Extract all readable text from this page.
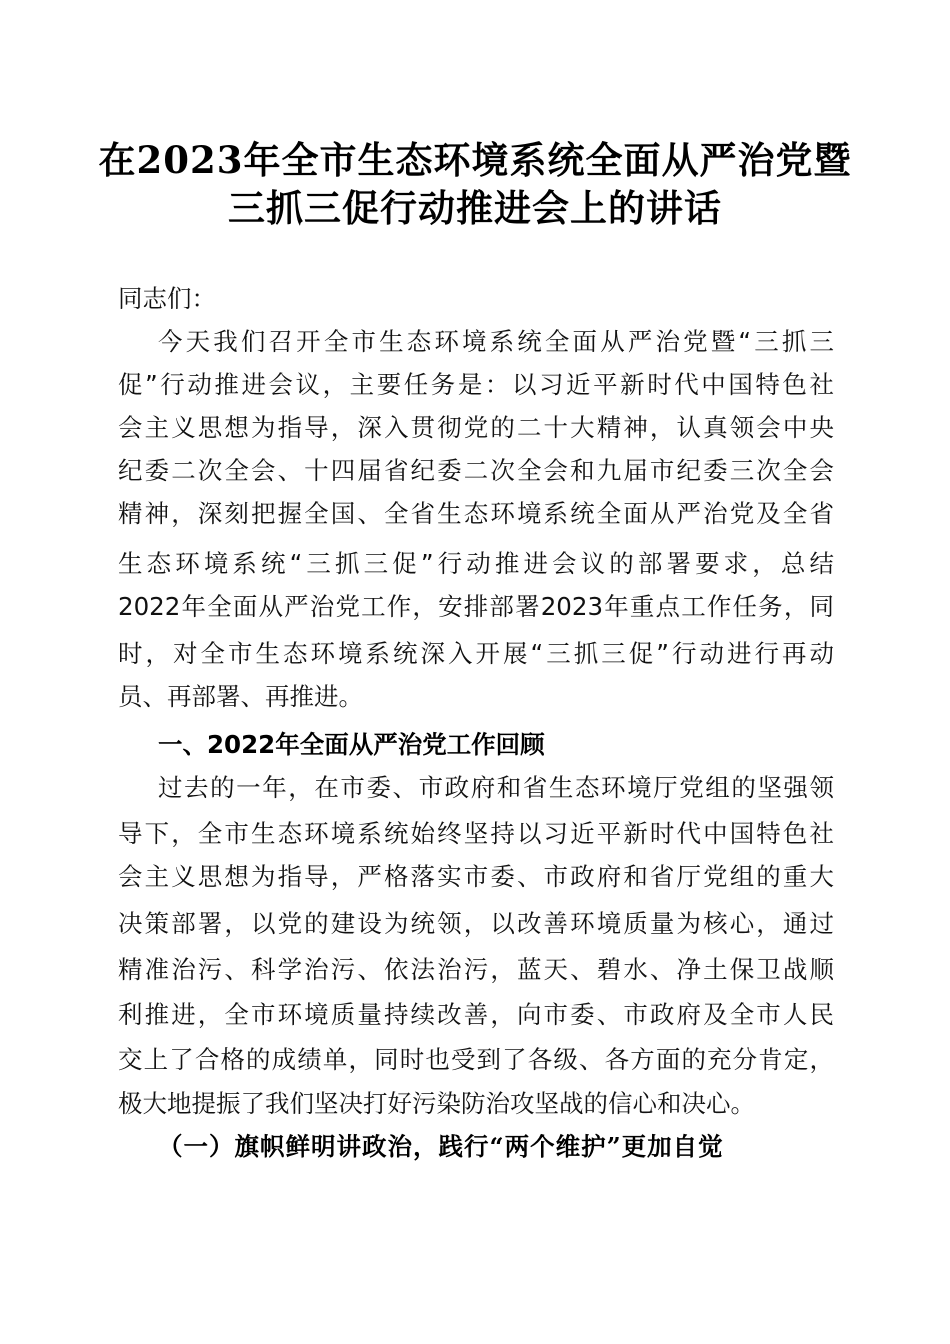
在2023年全市生态环境系统全面从严治党暨
三抓三促行动推进会上的讲话
同志们：
今天我们召开全市生态环境系统全面从严治党暨“三抓三
促”行动推进会议，主要任务是：以习近平新时代中国特色社
会主义思想为指导，深入贯彻党的二十大精神，认真领会中央
纪委二次全会、十四届省纪委二次全会和九届市纪委三次全会
精神，深刻把握全国、全省生态环境系统全面从严治党及全省
生态环境系统“三抓三促”行动推进会议的部署要求，总结
2022年全面从严治党工作，安排部署2023年重点工作任务，同
时，对全市生态环境系统深入开展“三抓三促”行动进行再动
员、再部署、再推进。
一、2022年全面从严治党工作回顾
过去的一年，在市委、市政府和省生态环境厅党组的坚强领
导下，全市生态环境系统始终坚持以习近平新时代中国特色社
会主义思想为指导，严格落实市委、市政府和省厅党组的重大
决策部署，以党的建设为统领，以改善环境质量为核心，通过
精准治污、科学治污、依法治污，蓝天、碧水、净土保卫战顺
利推进，全市环境质量持续改善，向市委、市政府及全市人民
交上了合格的成绩单，同时也受到了各级、各方面的充分肯定，
极大地提振了我们坚决打好污染防治攻坚战的信心和决心。
（一）旗帜鲜明讲政治，践行“两个维护”更加自觉
